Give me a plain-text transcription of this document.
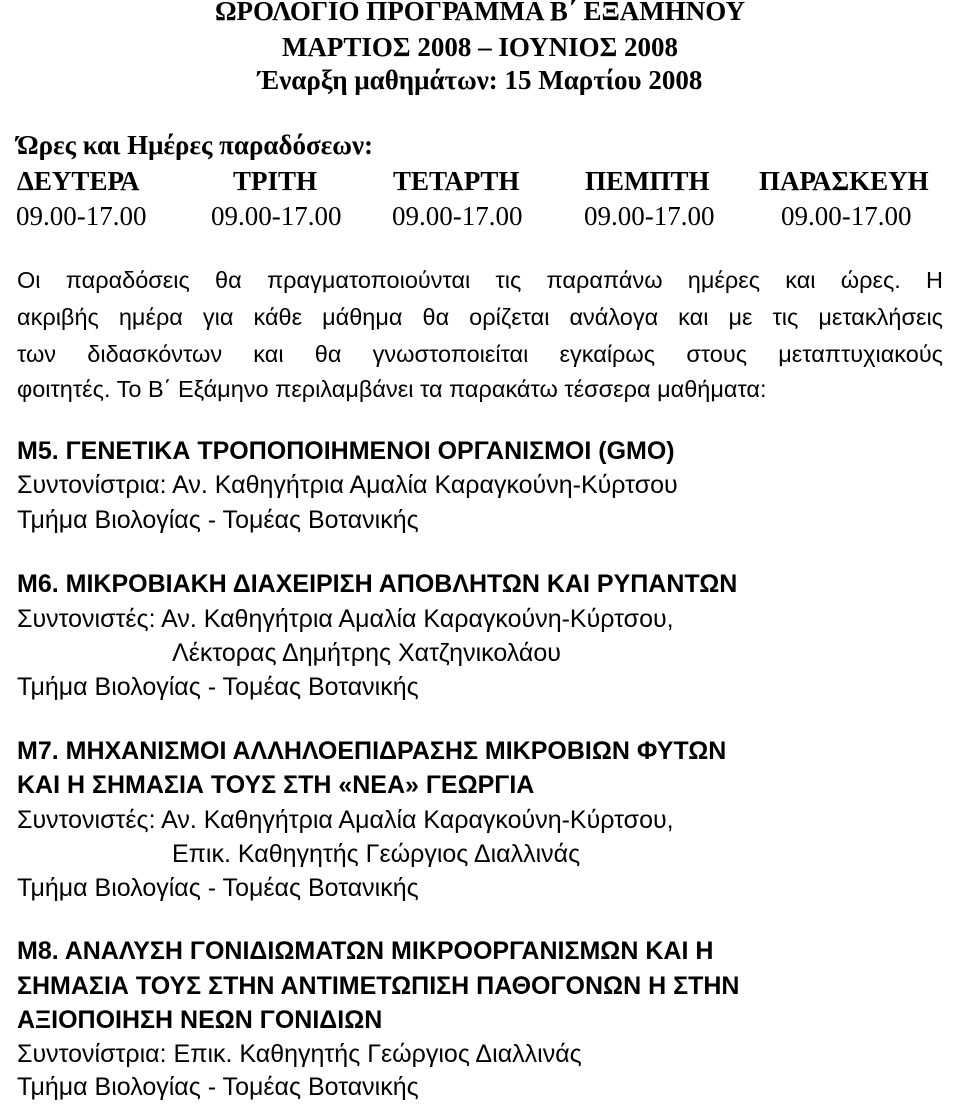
ΩΡΟΛΟΓΙΟ ΠΡΟΓΡΑΜΜΑ Β΄ ΕΞΑΜΗΝΟΥ
ΜΑΡΤΙΟΣ 2008 – ΙΟΥΝΙΟΣ 2008
Έναρξη μαθημάτων: 15 Μαρτίου 2008
Ώρες και Ημέρες παραδόσεων:
ΔΕΥΤΕΡΑ	ΤΡΙΤΗ	ΤΕΤΑΡΤΗ ΠΕΜΠΤΗ ΠΑΡΑΣΚΕΥΗ
09.00-17.00 09.00-17.00 09.00-17.00 09.00-17.00 09.00-17.00
Οι παραδόσεις θα πραγματοποιούνται τις παραπάνω ημέρες και ώρες. Η
ακριβής ημέρα για κάθε μάθημα θα ορίζεται ανάλογα και με τις μετακλήσεις
των διδασκόντων και θα γνωστοποιείται εγκαίρως στους μεταπτυχιακούς
φοιτητές. Το Β΄ Εξάμηνο περιλαμβάνει τα παρακάτω τέσσερα μαθήματα:
Μ5. ΓΕΝΕΤΙΚΑ ΤΡΟΠΟΠΟΙΗΜΕΝΟΙ ΟΡΓΑΝΙΣΜΟΙ (GMO)
Συντονίστρια: Αν. Καθηγήτρια Αμαλία Καραγκούνη-Κύρτσου
Τμήμα Βιολογίας - Τομέας Βοτανικής
Μ6. ΜΙΚΡΟΒΙΑΚΗ ΔΙΑΧΕΙΡΙΣΗ ΑΠΟΒΛΗΤΩΝ ΚΑΙ ΡΥΠΑΝΤΩΝ
Συντονιστές: Αν. Καθηγήτρια Αμαλία Καραγκούνη-Κύρτσου,
Λέκτορας Δημήτρης Χατζηνικολάου
Τμήμα Βιολογίας - Τομέας Βοτανικής
Μ7. ΜΗΧΑΝΙΣΜΟΙ ΑΛΛΗΛΟΕΠΙΔΡΑΣΗΣ ΜΙΚΡΟΒΙΩΝ ΦΥΤΩΝ
ΚΑΙ Η ΣΗΜΑΣΙΑ ΤΟΥΣ ΣΤΗ «ΝΕΑ» ΓΕΩΡΓΙΑ
Συντονιστές: Αν. Καθηγήτρια Αμαλία Καραγκούνη-Κύρτσου,
Επικ. Καθηγητής Γεώργιος Διαλλινάς
Τμήμα Βιολογίας - Τομέας Βοτανικής
Μ8. ΑΝΑΛΥΣΗ ΓΟΝΙΔΙΩΜΑΤΩΝ ΜΙΚΡΟΟΡΓΑΝΙΣΜΩΝ ΚΑΙ Η
ΣΗΜΑΣΙΑ ΤΟΥΣ ΣΤΗΝ ΑΝΤΙΜΕΤΩΠΙΣΗ ΠΑΘΟΓΟΝΩΝ Η ΣΤΗΝ
ΑΞΙΟΠΟΙΗΣΗ ΝΕΩΝ ΓΟΝΙΔΙΩΝ
Συντονίστρια: Επικ. Καθηγητής Γεώργιος Διαλλινάς
Τμήμα Βιολογίας - Τομέας Βοτανικής
